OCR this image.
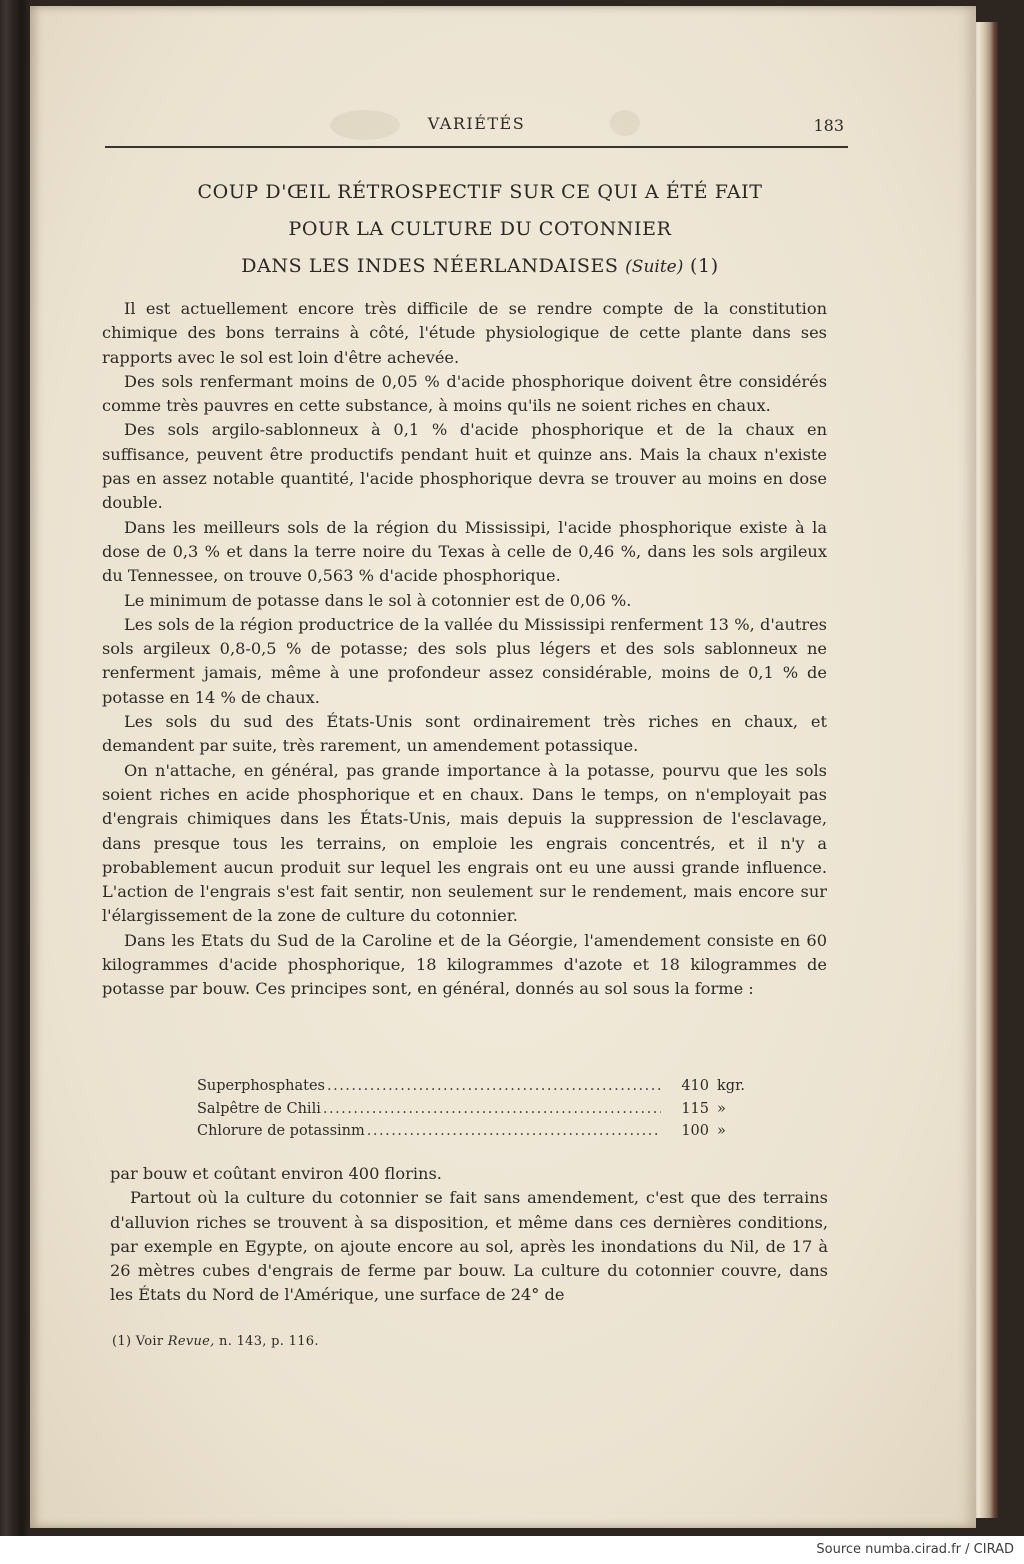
VARIÉTÉS	183
COUP D'ŒIL RÉTROSPECTIF SUR CE QUI A ÉTÉ FAIT
POUR LA CULTURE DU COTONNIER
DANS LES INDES NÉERLANDAISES (Suite) (1)

Il est actuellement encore très difficile de se rendre compte de la constitution chimique des bons terrains à côté, l'étude physiologique de cette plante dans ses rapports avec le sol est loin d'être achevée.

Des sols renfermant moins de 0,05 % d'acide phosphorique doivent être considérés comme très pauvres en cette substance, à moins qu'ils ne soient riches en chaux.

Des sols argilo-sablonneux à 0,1 % d'acide phosphorique et de la chaux en suffisance, peuvent être productifs pendant huit et quinze ans. Mais la chaux n'existe pas en assez notable quantité, l'acide phosphorique devra se trouver au moins en dose double.

Dans les meilleurs sols de la région du Mississipi, l'acide phosphorique existe à la dose de 0,3 % et dans la terre noire du Texas à celle de 0,46 %, dans les sols argileux du Tennessee, on trouve 0,563 % d'acide phosphorique.

Le minimum de potasse dans le sol à cotonnier est de 0,06 %.

Les sols de la région productrice de la vallée du Mississipi renferment 13 %, d'autres sols argileux 0,8-0,5 % de potasse; des sols plus légers et des sols sablonneux ne renferment jamais, même à une profondeur assez considérable, moins de 0,1 % de potasse en 14 % de chaux.

Les sols du sud des États-Unis sont ordinairement très riches en chaux, et demandent par suite, très rarement, un amendement potassique.

On n'attache, en général, pas grande importance à la potasse, pourvu que les sols soient riches en acide phosphorique et en chaux. Dans le temps, on n'employait pas d'engrais chimiques dans les États-Unis, mais depuis la suppression de l'esclavage, dans presque tous les terrains, on emploie les engrais concentrés, et il n'y a probablement aucun produit sur lequel les engrais ont eu une aussi grande influence. L'action de l'engrais s'est fait sentir, non seulement sur le rendement, mais encore sur l'élargissement de la zone de culture du cotonnier.

Dans les Etats du Sud de la Caroline et de la Géorgie, l'amendement consiste en 60 kilogrammes d'acide phosphorique, 18 kilogrammes d'azote et 18 kilogrammes de potasse par bouw. Ces principes sont, en général, donnés au sol sous la forme :

Superphosphates .....	410 kgr.
Salpêtre de Chili .....	115 »
Chlorure de potassinm .....	100 »

par bouw et coûtant environ 400 florins.

Partout où la culture du cotonnier se fait sans amendement, c'est que des terrains d'alluvion riches se trouvent à sa disposition, et même dans ces dernières conditions, par exemple en Egypte, on ajoute encore au sol, après les inondations du Nil, de 17 à 26 mètres cubes d'engrais de ferme par bouw. La culture du cotonnier couvre, dans les États du Nord de l'Amérique, une surface de 24° de

(1) Voir Revue, n. 143, p. 116.
Source numba.cirad.fr / CIRAD
